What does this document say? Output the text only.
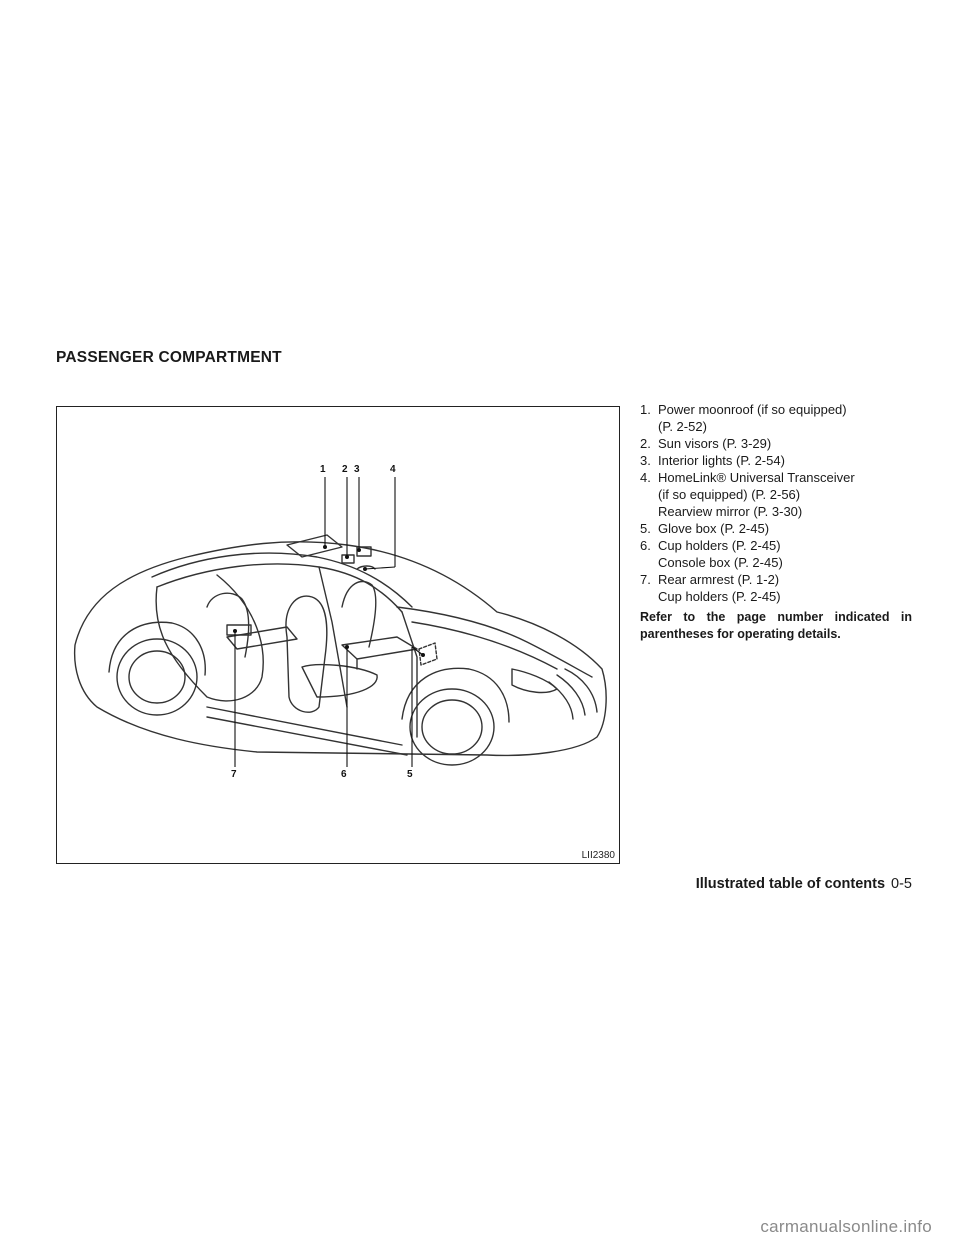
PASSENGER COMPARTMENT
1 2 3	4
5
6
7
LII2380
1. Power moonroof (if so equipped)
(P. 2-52)
2. Sun visors (P. 3-29)
3. Interior lights (P. 2-54)
4. HomeLink® Universal Transceiver
(if so equipped) (P. 2-56)
Rearview mirror (P. 3-30)
5. Glove box (P. 2-45)
6. Cup holders (P. 2-45)
Console box (P. 2-45)
7. Rear armrest (P. 1-2)
Cup holders (P. 2-45)
Refer to the page number indicated in parentheses for operating details.
Illustrated table of contents 0-5
carmanualsonline.info
